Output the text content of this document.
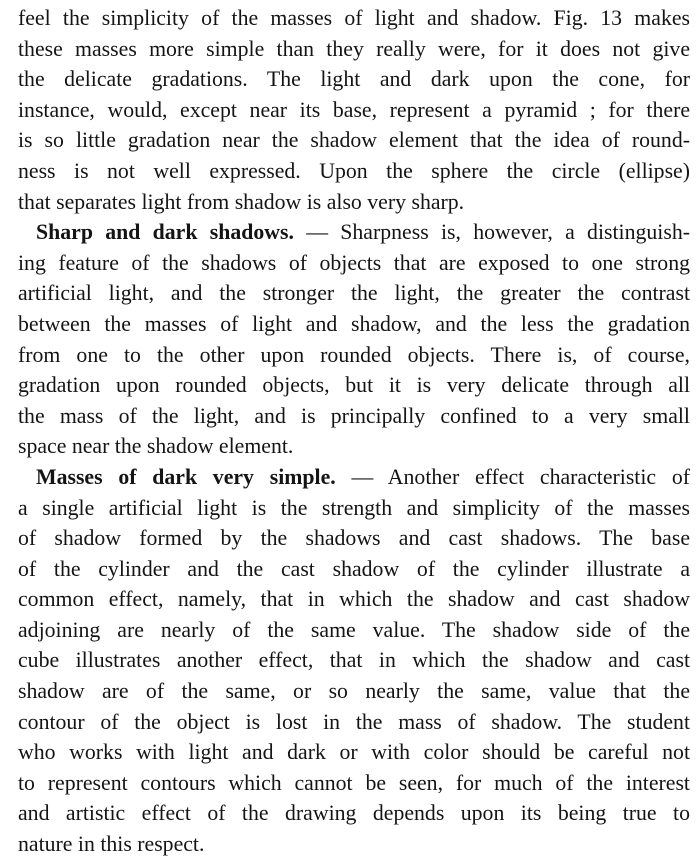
feel the simplicity of the masses of light and shadow. Fig. 13 makes
these masses more simple than they really were, for it does not give
the delicate gradations. The light and dark upon the cone, for
instance, would, except near its base, represent a pyramid ; for there
is so little gradation near the shadow element that the idea of round-
ness is not well expressed. Upon the sphere the circle (ellipse)
that separates light from shadow is also very sharp.
Sharp and dark shadows. — Sharpness is, however, a distinguish-
ing feature of the shadows of objects that are exposed to one strong
artificial light, and the stronger the light, the greater the contrast
between the masses of light and shadow, and the less the gradation
from one to the other upon rounded objects. There is, of course,
gradation upon rounded objects, but it is very delicate through all
the mass of the light, and is principally confined to a very small
space near the shadow element.
Masses of dark very simple. — Another effect characteristic of
a single artificial light is the strength and simplicity of the masses
of shadow formed by the shadows and cast shadows. The base
of the cylinder and the cast shadow of the cylinder illustrate a
common effect, namely, that in which the shadow and cast shadow
adjoining are nearly of the same value. The shadow side of the
cube illustrates another effect, that in which the shadow and cast
shadow are of the same, or so nearly the same, value that the
contour of the object is lost in the mass of shadow. The student
who works with light and dark or with color should be careful not
to represent contours which cannot be seen, for much of the interest
and artistic effect of the drawing depends upon its being true to
nature in this respect.
